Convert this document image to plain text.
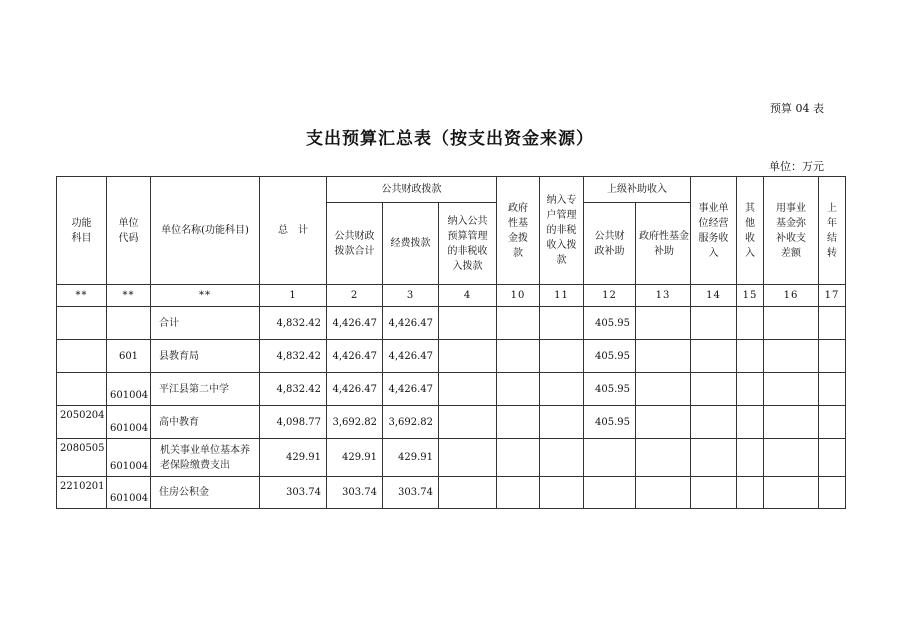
预算 04 表
支出预算汇总表（按支出资金来源）
单位：万元
功能科目	单位代码	单位名称(功能科目)	总　计	公共财政拨款			政府性基金拨款	纳入专户管理的非税收入拨款	上级补助收入		事业单位经营服务收入	其他收入	用事业基金弥补收支差额	上年结转

				公共财政拨款合计	经费拨款	纳入公共预算管理的非税收入拨款			公共财政补助	政府性基金补助				

**	**	**	1	2	3	4	10	11	12	13	14	15	16	17
		合计	4,832.42	4,426.47	4,426.47				405.95					
	601	县教育局	4,832.42	4,426.47	4,426.47				405.95					
	601004	平江县第二中学	4,832.42	4,426.47	4,426.47				405.95					
2050204	601004	高中教育	4,098.77	3,692.82	3,692.82				405.95					
2080505	601004	机关事业单位基本养老保险缴费支出	429.91	429.91	429.91									
2210201	601004	住房公积金	303.74	303.74	303.74									
